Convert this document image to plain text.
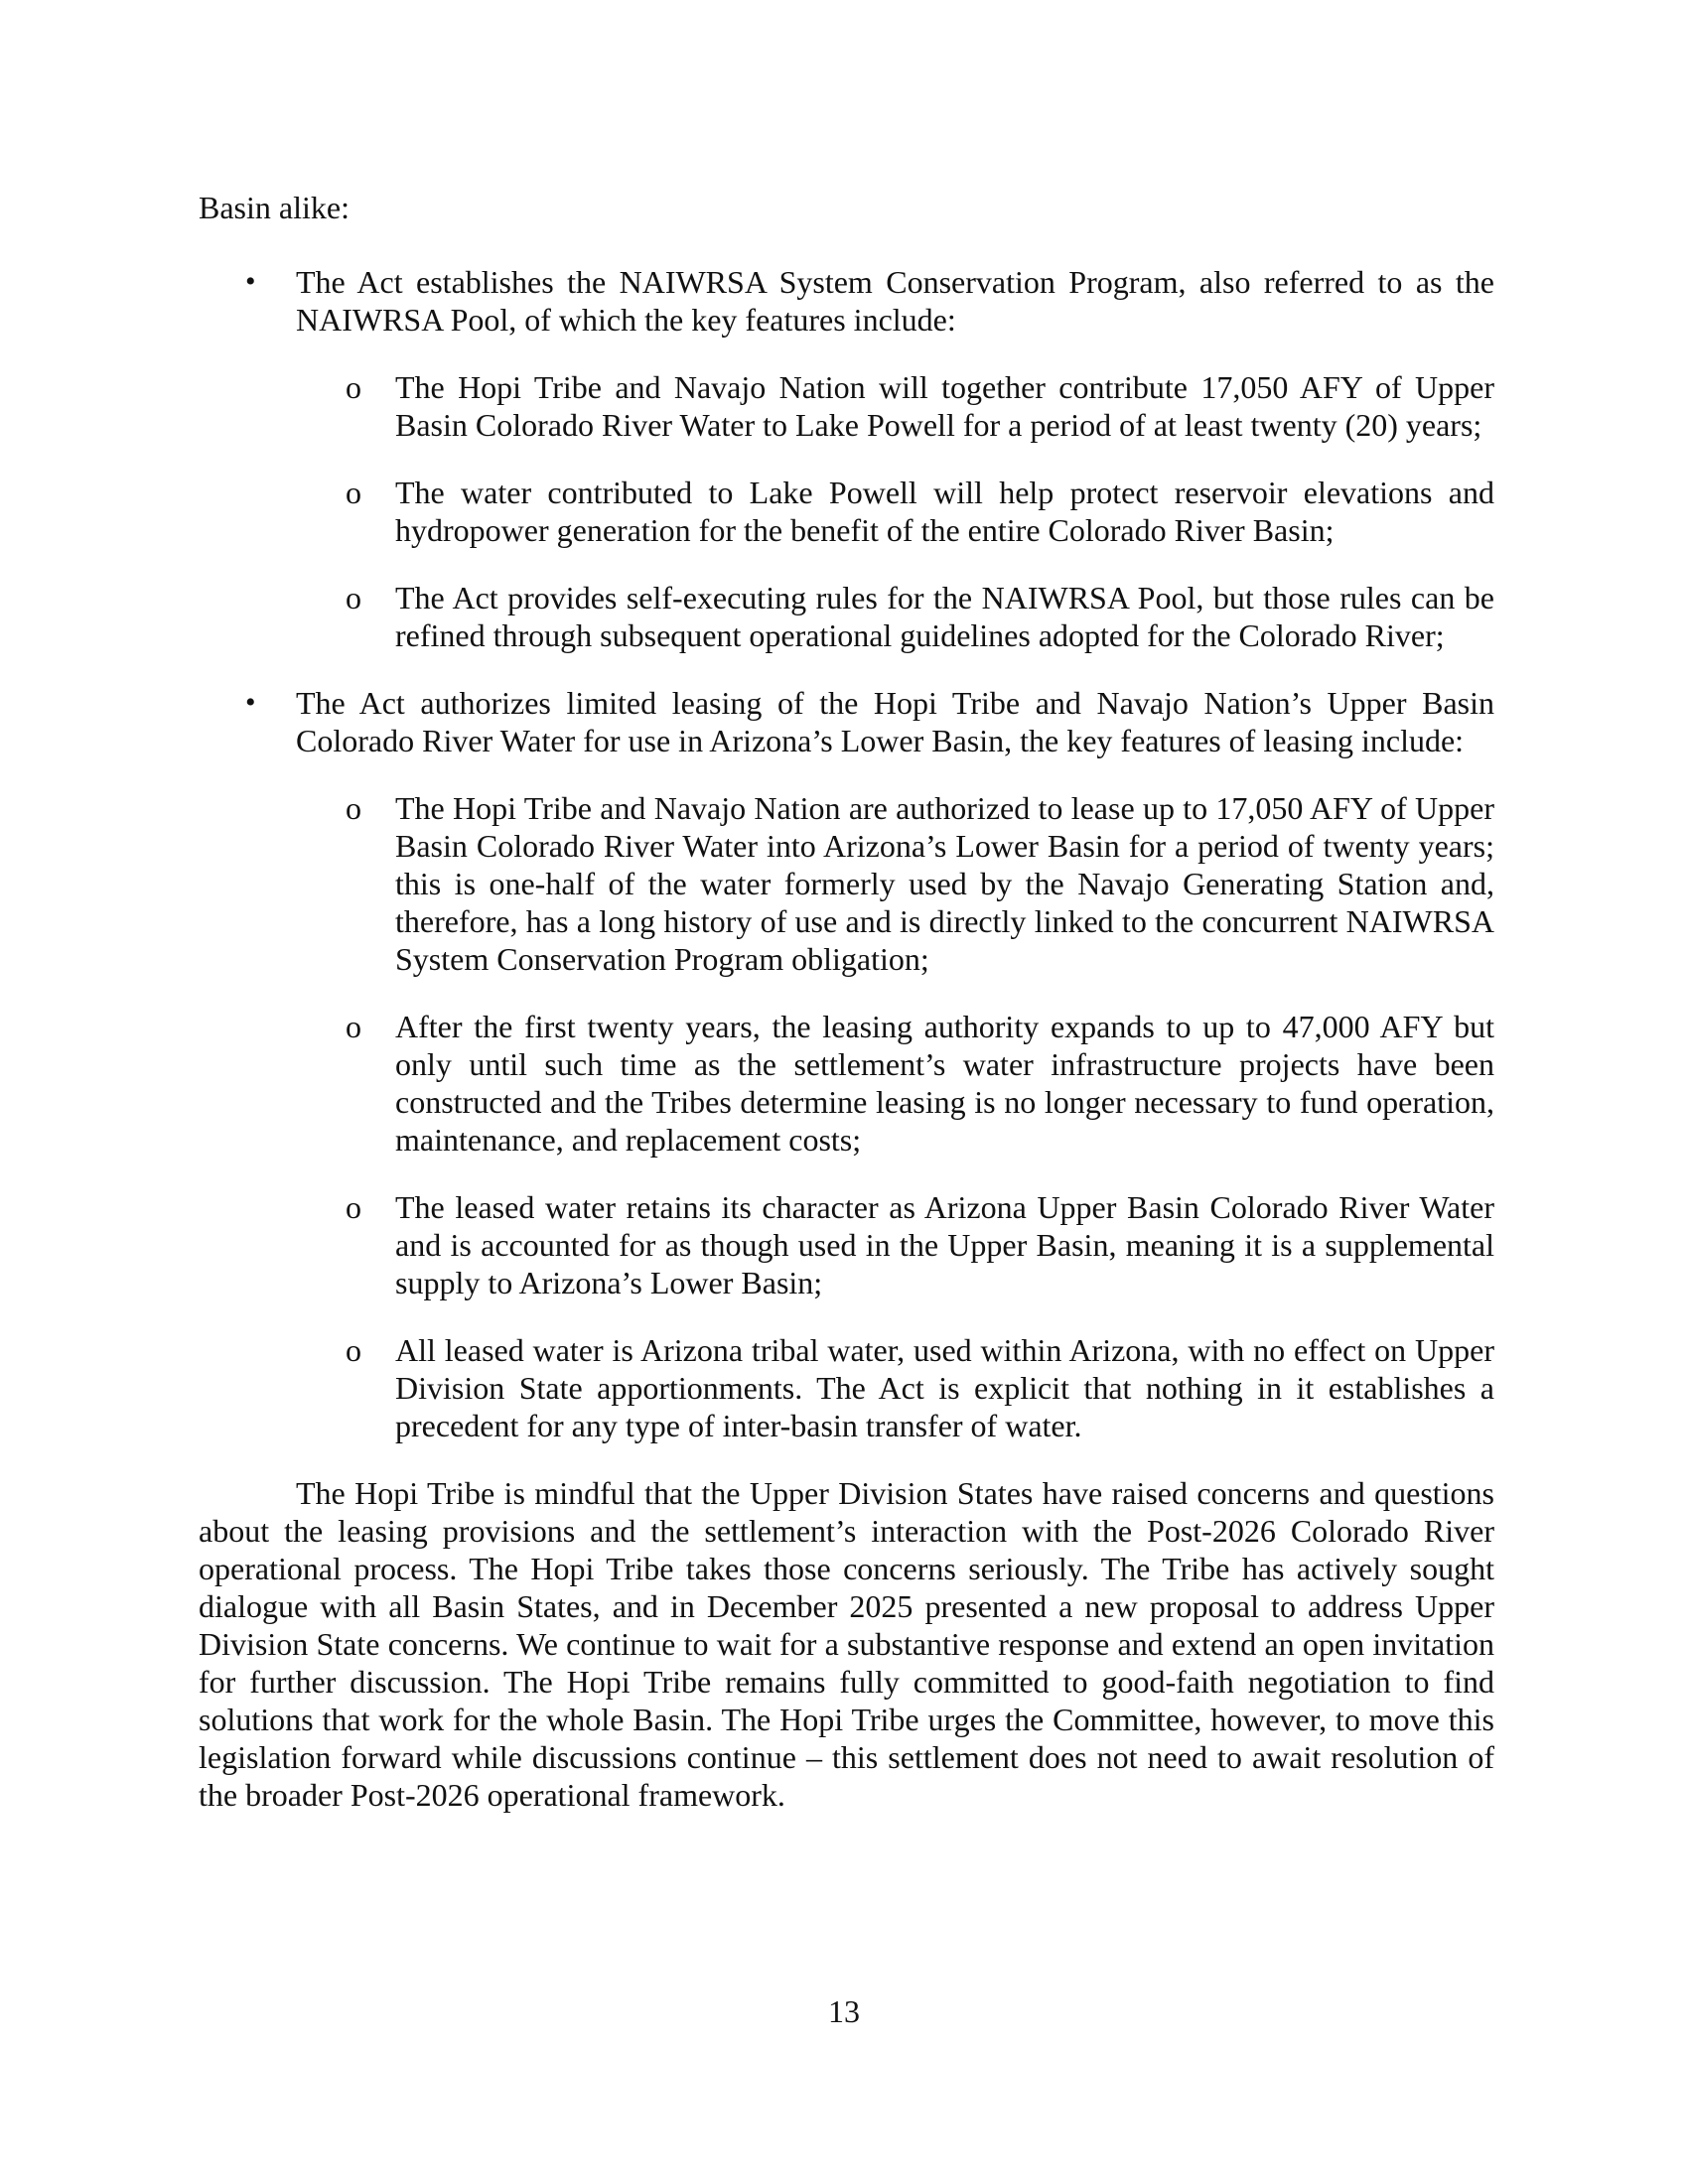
Basin alike:
• The Act establishes the NAIWRSA System Conservation Program, also referred to as the NAIWRSA Pool, of which the key features include:
o The Hopi Tribe and Navajo Nation will together contribute 17,050 AFY of Upper Basin Colorado River Water to Lake Powell for a period of at least twenty (20) years;
o The water contributed to Lake Powell will help protect reservoir elevations and hydropower generation for the benefit of the entire Colorado River Basin;
o The Act provides self-executing rules for the NAIWRSA Pool, but those rules can be refined through subsequent operational guidelines adopted for the Colorado River;
• The Act authorizes limited leasing of the Hopi Tribe and Navajo Nation’s Upper Basin Colorado River Water for use in Arizona’s Lower Basin, the key features of leasing include:
o The Hopi Tribe and Navajo Nation are authorized to lease up to 17,050 AFY of Upper Basin Colorado River Water into Arizona’s Lower Basin for a period of twenty years; this is one-half of the water formerly used by the Navajo Generating Station and, therefore, has a long history of use and is directly linked to the concurrent NAIWRSA System Conservation Program obligation;
o After the first twenty years, the leasing authority expands to up to 47,000 AFY but only until such time as the settlement’s water infrastructure projects have been constructed and the Tribes determine leasing is no longer necessary to fund operation, maintenance, and replacement costs;
o The leased water retains its character as Arizona Upper Basin Colorado River Water and is accounted for as though used in the Upper Basin, meaning it is a supplemental supply to Arizona’s Lower Basin;
o All leased water is Arizona tribal water, used within Arizona, with no effect on Upper Division State apportionments. The Act is explicit that nothing in it establishes a precedent for any type of inter-basin transfer of water.
The Hopi Tribe is mindful that the Upper Division States have raised concerns and questions about the leasing provisions and the settlement’s interaction with the Post-2026 Colorado River operational process. The Hopi Tribe takes those concerns seriously. The Tribe has actively sought dialogue with all Basin States, and in December 2025 presented a new proposal to address Upper Division State concerns. We continue to wait for a substantive response and extend an open invitation for further discussion. The Hopi Tribe remains fully committed to good-faith negotiation to find solutions that work for the whole Basin. The Hopi Tribe urges the Committee, however, to move this legislation forward while discussions continue – this settlement does not need to await resolution of the broader Post-2026 operational framework.
13
